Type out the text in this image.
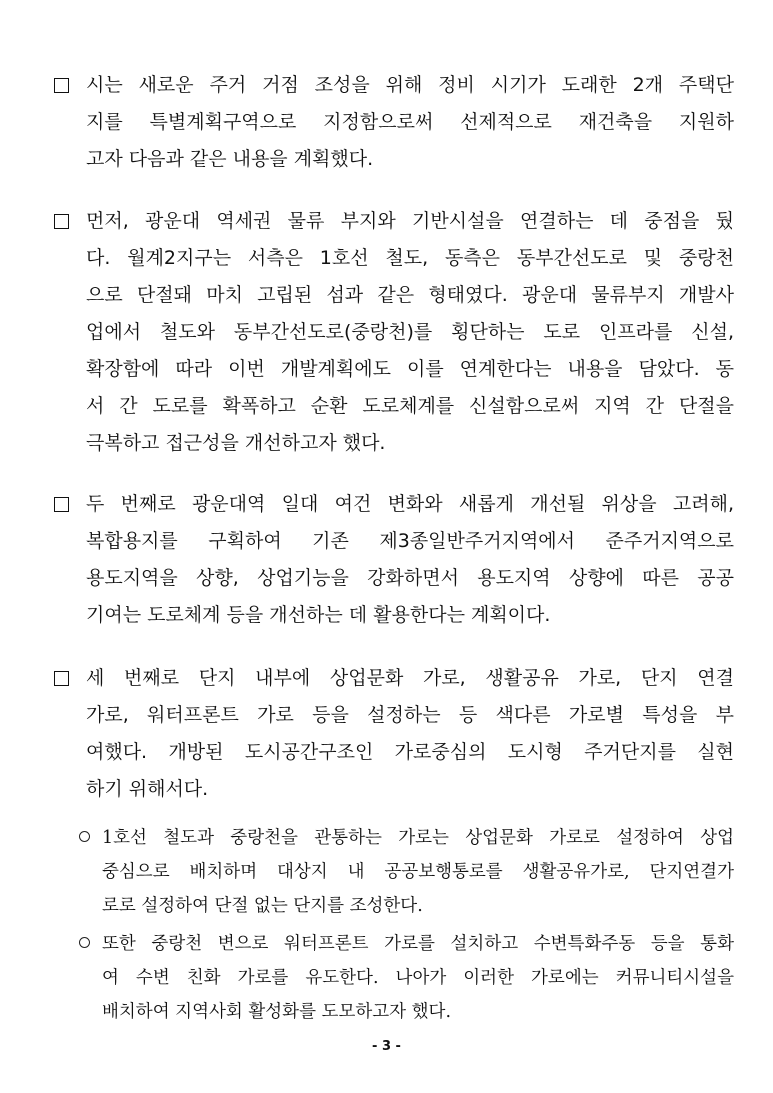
시는 새로운 주거 거점 조성을 위해 정비 시기가 도래한 2개 주택단
지를 특별계획구역으로 지정함으로써 선제적으로 재건축을 지원하
고자 다음과 같은 내용을 계획했다.
먼저, 광운대 역세권 물류 부지와 기반시설을 연결하는 데 중점을 뒀
다. 월계2지구는 서측은 1호선 철도, 동측은 동부간선도로 및 중랑천
으로 단절돼 마치 고립된 섬과 같은 형태였다. 광운대 물류부지 개발사
업에서 철도와 동부간선도로(중랑천)를 횡단하는 도로 인프라를 신설,
확장함에 따라 이번 개발계획에도 이를 연계한다는 내용을 담았다. 동
서 간 도로를 확폭하고 순환 도로체계를 신설함으로써 지역 간 단절을
극복하고 접근성을 개선하고자 했다.
두 번째로 광운대역 일대 여건 변화와 새롭게 개선될 위상을 고려해,
복합용지를 구획하여 기존 제3종일반주거지역에서 준주거지역으로
용도지역을 상향, 상업기능을 강화하면서 용도지역 상향에 따른 공공
기여는 도로체계 등을 개선하는 데 활용한다는 계획이다.
세 번째로 단지 내부에 상업문화 가로, 생활공유 가로, 단지 연결
가로, 워터프론트 가로 등을 설정하는 등 색다른 가로별 특성을 부
여했다. 개방된 도시공간구조인 가로중심의 도시형 주거단지를 실현
하기 위해서다.
1호선 철도과 중랑천을 관통하는 가로는 상업문화 가로로 설정하여 상업
중심으로 배치하며 대상지 내 공공보행통로를 생활공유가로, 단지연결가
로로 설정하여 단절 없는 단지를 조성한다.
또한 중랑천 변으로 워터프론트 가로를 설치하고 수변특화주동 등을 통화
여 수변 친화 가로를 유도한다. 나아가 이러한 가로에는 커뮤니티시설을
배치하여 지역사회 활성화를 도모하고자 했다.
- 3 -
